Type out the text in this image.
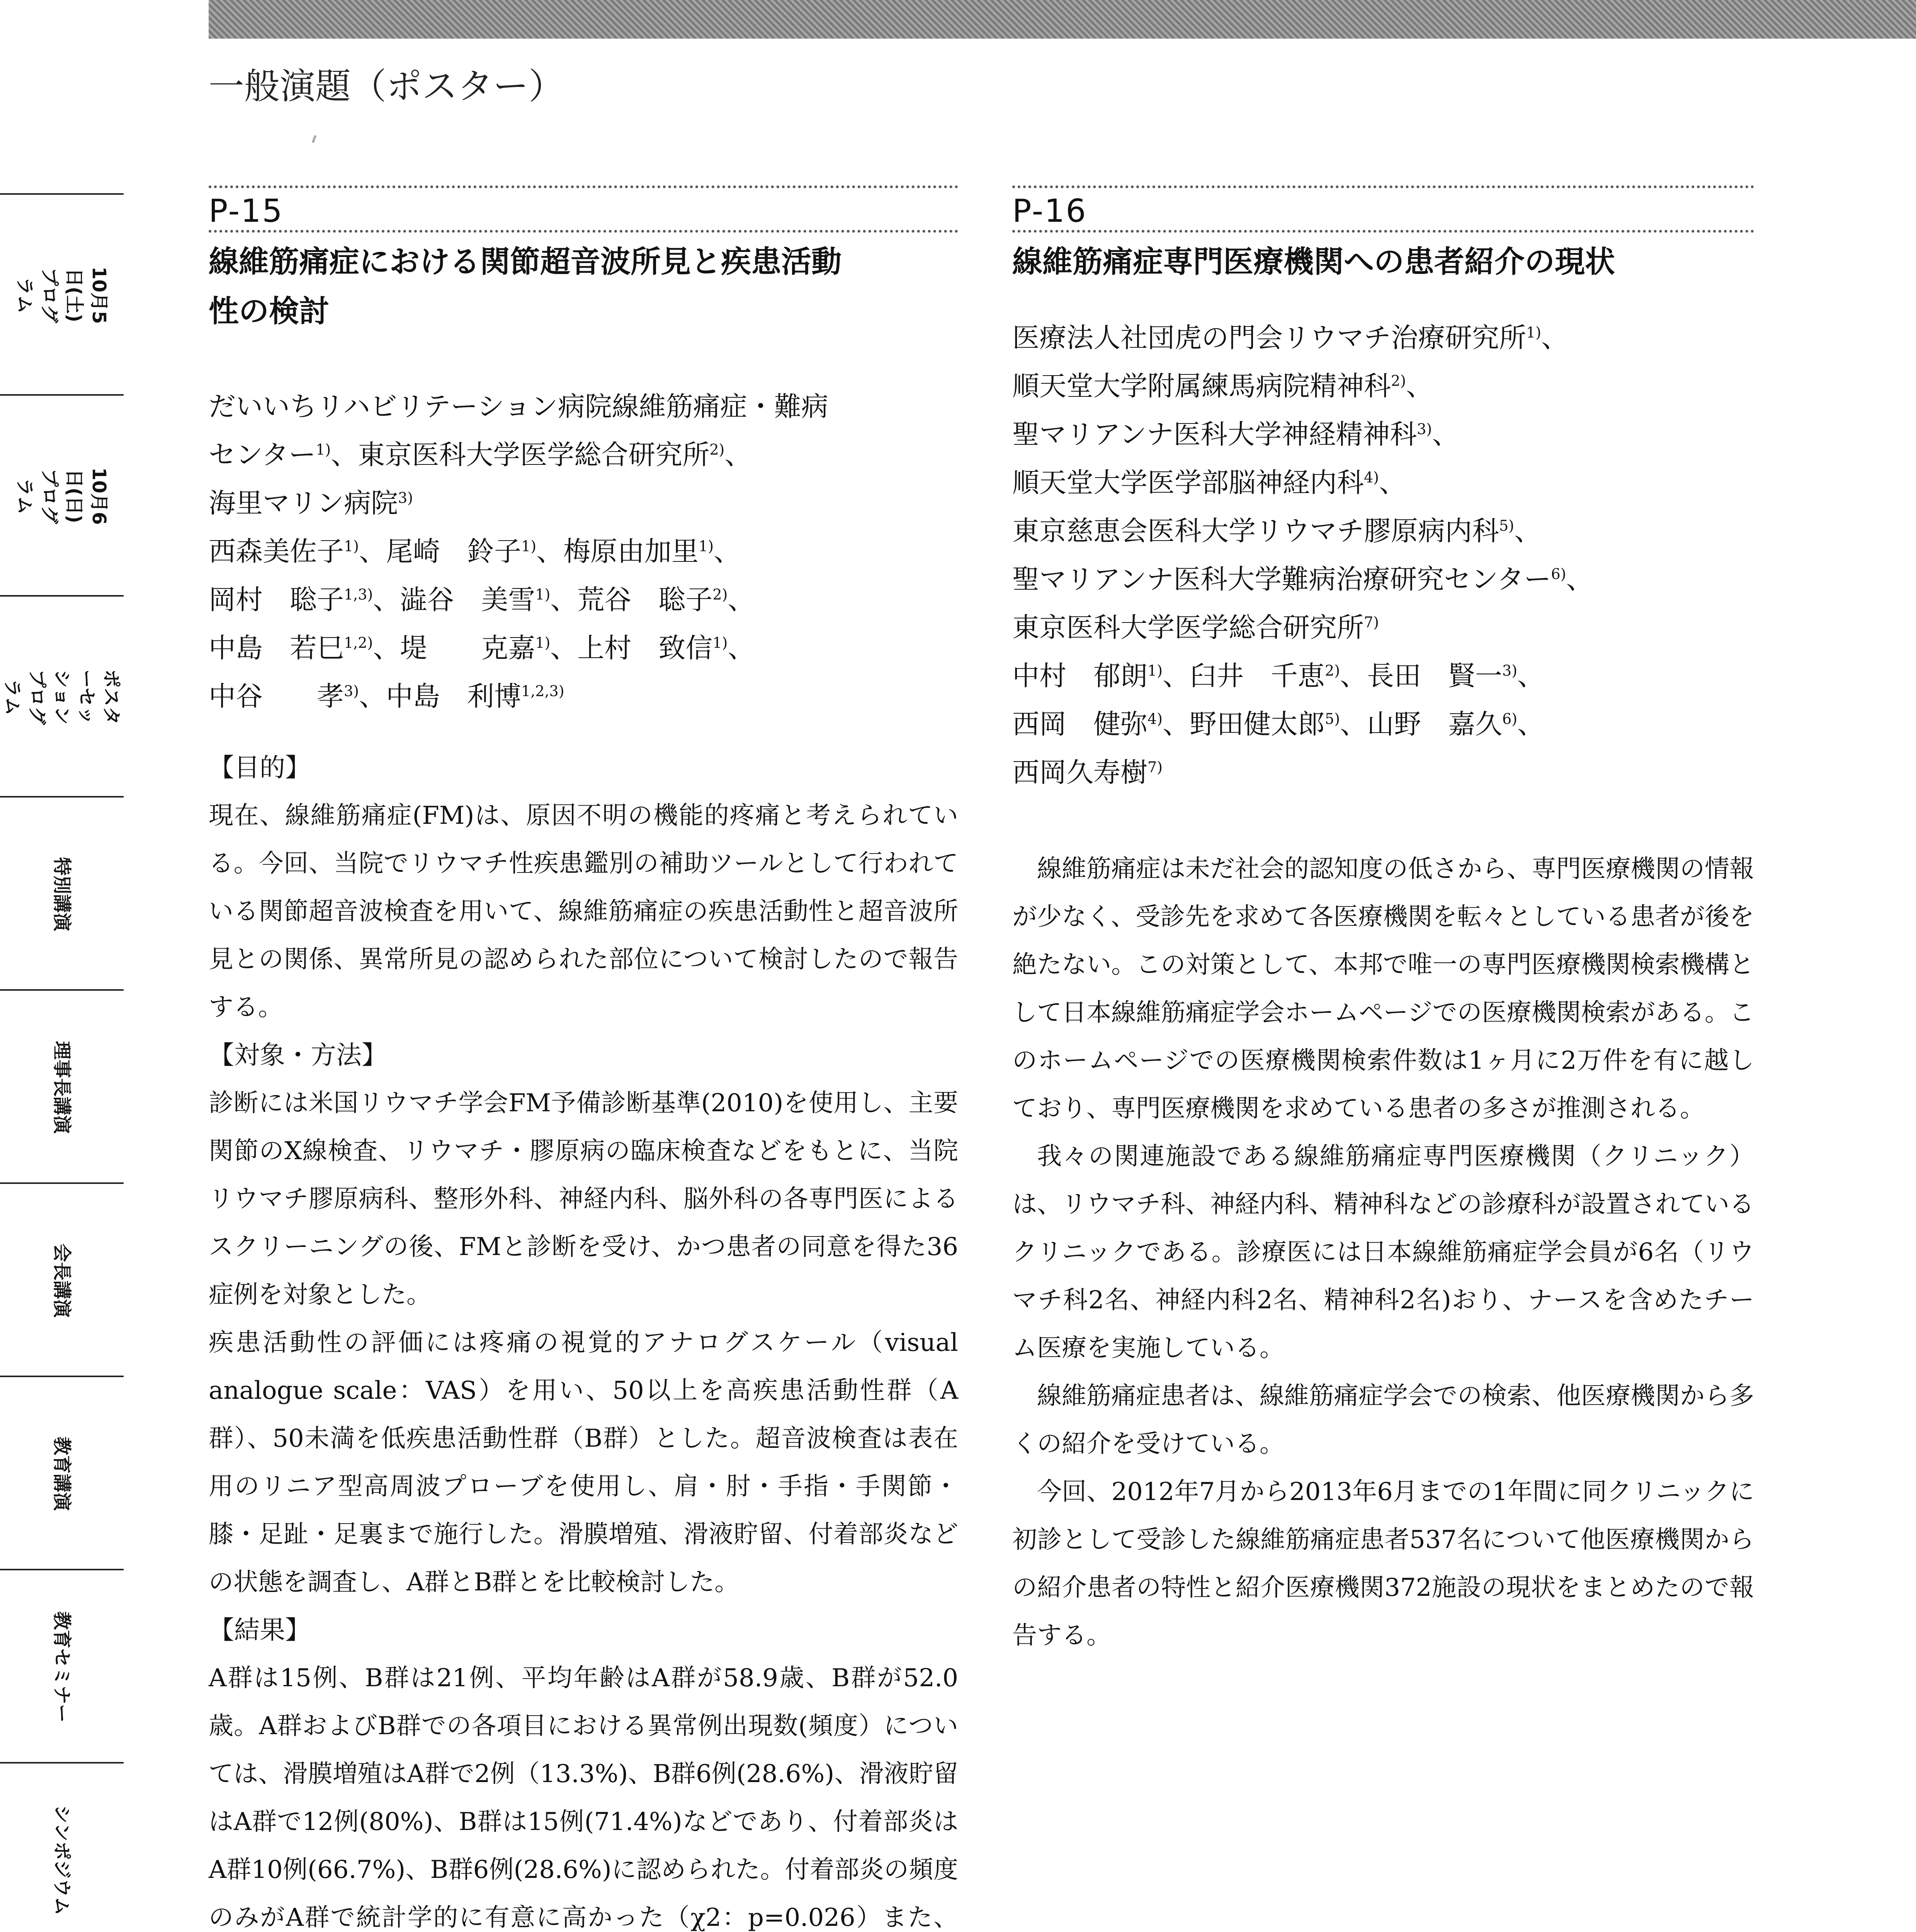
一般演題（ポスター）
10月5日(土)
プログラム
10月6日(日)
プログラム
ポスターセッション
プログラム
特別講演
理事長講演
会長講演
教育講演
教育セミナー
シンポジウム
P-15
線維筋痛症における関節超音波所見と疾患活動
性の検討
だいいちリハビリテーション病院線維筋痛症・難病
センター$^{1)}$、東京医科大学医学総合研究所$^{2)}$、
海里マリン病院$^{3)}$
西森美佐子$^{1)}$、尾崎　鈴子$^{1)}$、梅原由加里$^{1)}$、
岡村　聡子$^{1,3)}$、澁谷　美雪$^{1)}$、荒谷　聡子$^{2)}$、
中島　若巳$^{1,2)}$、堤　　克嘉$^{1)}$、上村　致信$^{1)}$、
中谷　　孝$^{3)}$、中島　利博$^{1,2,3)}$

【目的】

現在、線維筋痛症(FM)は、原因不明の機能的疼痛と考えられている。今回、当院でリウマチ性疾患鑑別の補助ツールとして行われている関節超音波検査を用いて、線維筋痛症の疾患活動性と超音波所見との関係、異常所見の認められた部位について検討したので報告する。

【対象・方法】

診断には米国リウマチ学会FM予備診断基準(2010)を使用し、主要関節のX線検査、リウマチ・膠原病の臨床検査などをもとに、当院リウマチ膠原病科、整形外科、神経内科、脳外科の各専門医によるスクリーニングの後、FMと診断を受け、かつ患者の同意を得た36症例を対象とした。

疾患活動性の評価には疼痛の視覚的アナログスケール（visual analogue scale：VAS）を用い、50以上を高疾患活動性群（A群）、50未満を低疾患活動性群（B群）とした。超音波検査は表在用のリニア型高周波プローブを使用し、肩・肘・手指・手関節・膝・足趾・足裏まで施行した。滑膜増殖、滑液貯留、付着部炎などの状態を調査し、A群とB群とを比較検討した。

【結果】

A群は15例、B群は21例、平均年齢はA群が58.9歳、B群が52.0歳。A群およびB群での各項目における異常例出現数(頻度）については、滑膜増殖はA群で2例（13.3%)、B群6例(28.6%)、滑液貯留はA群で12例(80%)、B群は15例(71.4%)などであり、付着部炎はA群10例(66.7%)、B群6例(28.6%)に認められた。付着部炎の頻度のみがA群で統計学的に有意に高かった（χ2：p=0.026）また、

P-16
線維筋痛症専門医療機関への患者紹介の現状
医療法人社団虎の門会リウマチ治療研究所$^{1)}$、
順天堂大学附属練馬病院精神科$^{2)}$、
聖マリアンナ医科大学神経精神科$^{3)}$、
順天堂大学医学部脳神経内科$^{4)}$、
東京慈恵会医科大学リウマチ膠原病内科$^{5)}$、
聖マリアンナ医科大学難病治療研究センター$^{6)}$、
東京医科大学医学総合研究所$^{7)}$
中村　郁朗$^{1)}$、臼井　千恵$^{2)}$、長田　賢一$^{3)}$、
西岡　健弥$^{4)}$、野田健太郎$^{5)}$、山野　嘉久$^{6)}$、
西岡久寿樹$^{7)}$

線維筋痛症は未だ社会的認知度の低さから、専門医療機関の情報が少なく、受診先を求めて各医療機関を転々としている患者が後を絶たない。この対策として、本邦で唯一の専門医療機関検索機構として日本線維筋痛症学会ホームページでの医療機関検索がある。このホームページでの医療機関検索件数は1ヶ月に2万件を有に越しており、専門医療機関を求めている患者の多さが推測される。

我々の関連施設である線維筋痛症専門医療機関（クリニック）は、リウマチ科、神経内科、精神科などの診療科が設置されているクリニックである。診療医には日本線維筋痛症学会員が6名（リウマチ科2名、神経内科2名、精神科2名)おり、ナースを含めたチーム医療を実施している。

線維筋痛症患者は、線維筋痛症学会での検索、他医療機関から多くの紹介を受けている。

今回、2012年7月から2013年6月までの1年間に同クリニックに初診として受診した線維筋痛症患者537名について他医療機関からの紹介患者の特性と紹介医療機関372施設の現状をまとめたので報告する。
